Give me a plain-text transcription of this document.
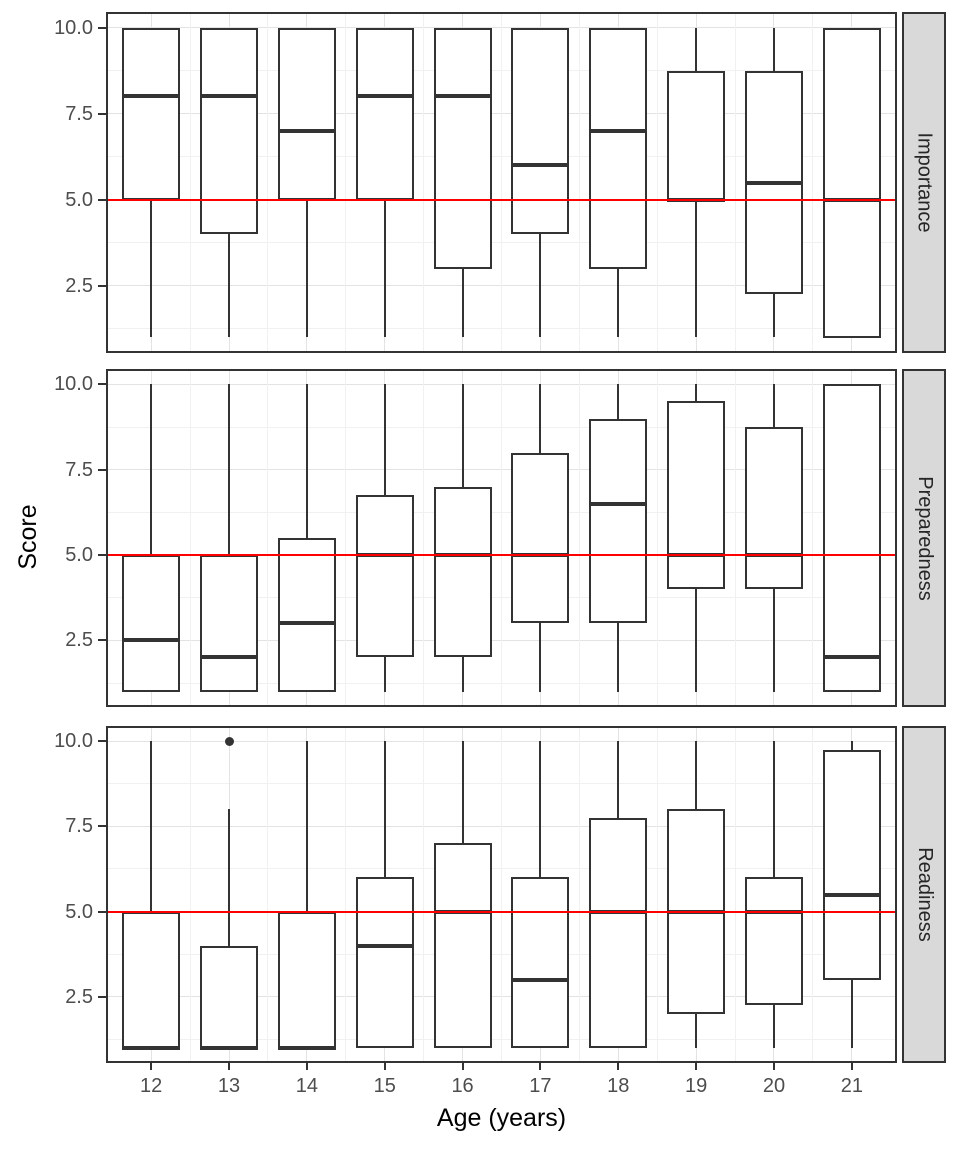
Importance
10.0
7.5
5.0
2.5
Preparedness
10.0
7.5
5.0
2.5
Readiness
10.0
7.5
5.0
2.5
12	13	14	15	16	17	18	19	20	21
Age (years)
Score
